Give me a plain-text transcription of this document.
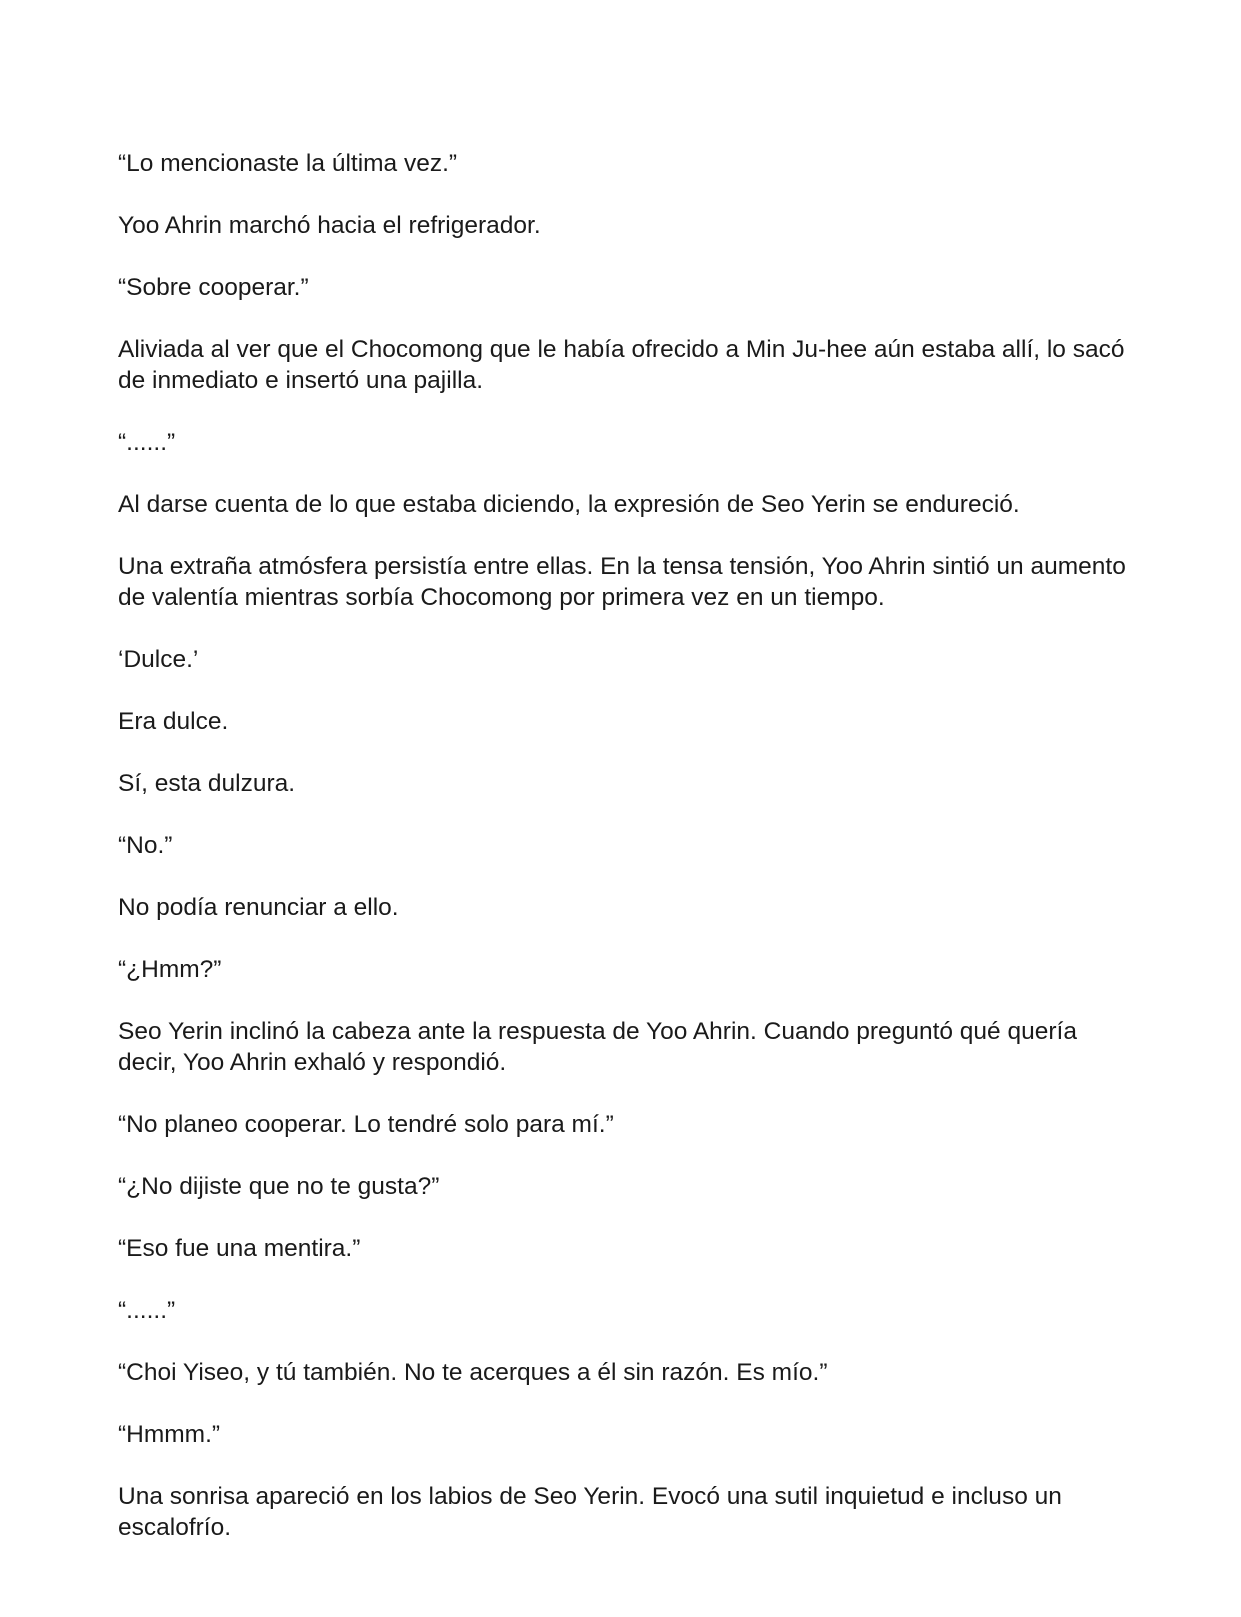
“Lo mencionaste la última vez.”

Yoo Ahrin marchó hacia el refrigerador.

“Sobre cooperar.”

Aliviada al ver que el Chocomong que le había ofrecido a Min Ju-hee aún estaba allí, lo sacó de inmediato e insertó una pajilla.

“......”

Al darse cuenta de lo que estaba diciendo, la expresión de Seo Yerin se endureció.

Una extraña atmósfera persistía entre ellas. En la tensa tensión, Yoo Ahrin sintió un aumento de valentía mientras sorbía Chocomong por primera vez en un tiempo.

‘Dulce.’

Era dulce.

Sí, esta dulzura.

“No.”

No podía renunciar a ello.

“¿Hmm?”

Seo Yerin inclinó la cabeza ante la respuesta de Yoo Ahrin. Cuando preguntó qué quería decir, Yoo Ahrin exhaló y respondió.

“No planeo cooperar. Lo tendré solo para mí.”

“¿No dijiste que no te gusta?”

“Eso fue una mentira.”

“......”

“Choi Yiseo, y tú también. No te acerques a él sin razón. Es mío.”

“Hmmm.”

Una sonrisa apareció en los labios de Seo Yerin. Evocó una sutil inquietud e incluso un escalofrío.
